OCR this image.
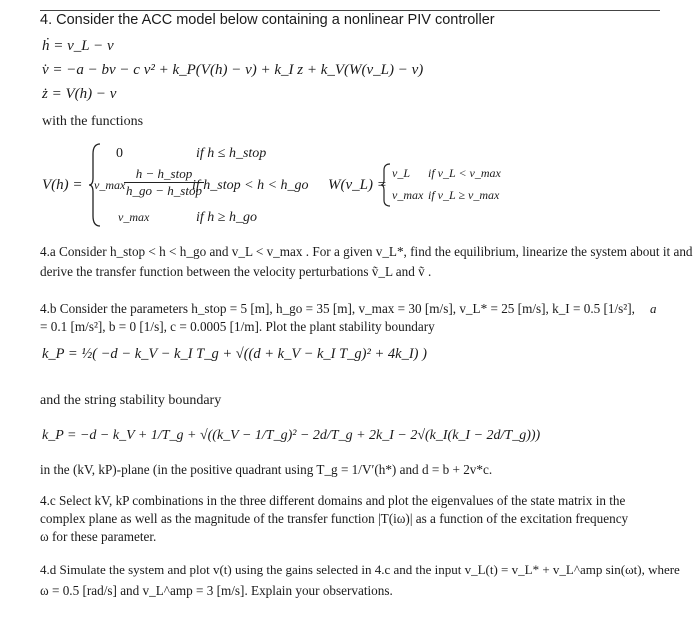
4. Consider the ACC model below containing a nonlinear PIV controller
ḣ = v_L − v
v̇ = −a − bv − c v² + k_P(V(h) − v) + k_I z + k_V(W(v_L) − v)
ż = V(h) − v
with the functions
V(h) =
0	if h ≤ h_stop
v_max
$\frac{\text{h − h\_stop}}{\text{h\_go − h\_stop}}$
if h_stop < h < h_go
v_max	if h ≥ h_go
W(v_L) =
v_L if v_L < v_max
v_max if v_L ≥ v_max
4.a Consider h_stop < h < h_go and v_L < v_max . For a given v_L*, find the equilibrium, linearize the system about it and
derive the transfer function between the velocity perturbations ṽ_L and ṽ .
4.b Consider the parameters h_stop = 5 [m], h_go = 35 [m], v_max = 30 [m/s], v_L* = 25 [m/s], k_I = 0.5 [1/s²], a
= 0.1 [m/s²], b = 0 [1/s], c = 0.0005 [1/m]. Plot the plant stability boundary
k_P = ½( −d − k_V − k_I T_g + √((d + k_V − k_I T_g)² + 4k_I) )
and the string stability boundary
k_P = −d − k_V + 1/T_g + √((k_V − 1/T_g)² − 2d/T_g + 2k_I − 2√(k_I(k_I − 2d/T_g)))
in the (kV, kP)-plane (in the positive quadrant using T_g = 1/V′(h*) and d = b + 2v*c.
4.c Select kV, kP combinations in the three different domains and plot the eigenvalues of the state matrix in the
complex plane as well as the magnitude of the transfer function |T(iω)| as a function of the excitation frequency
ω for these parameter.
4.d Simulate the system and plot v(t) using the gains selected in 4.c and the input v_L(t) = v_L* + v_L^amp sin(ωt), where
ω = 0.5 [rad/s] and v_L^amp = 3 [m/s]. Explain your observations.
